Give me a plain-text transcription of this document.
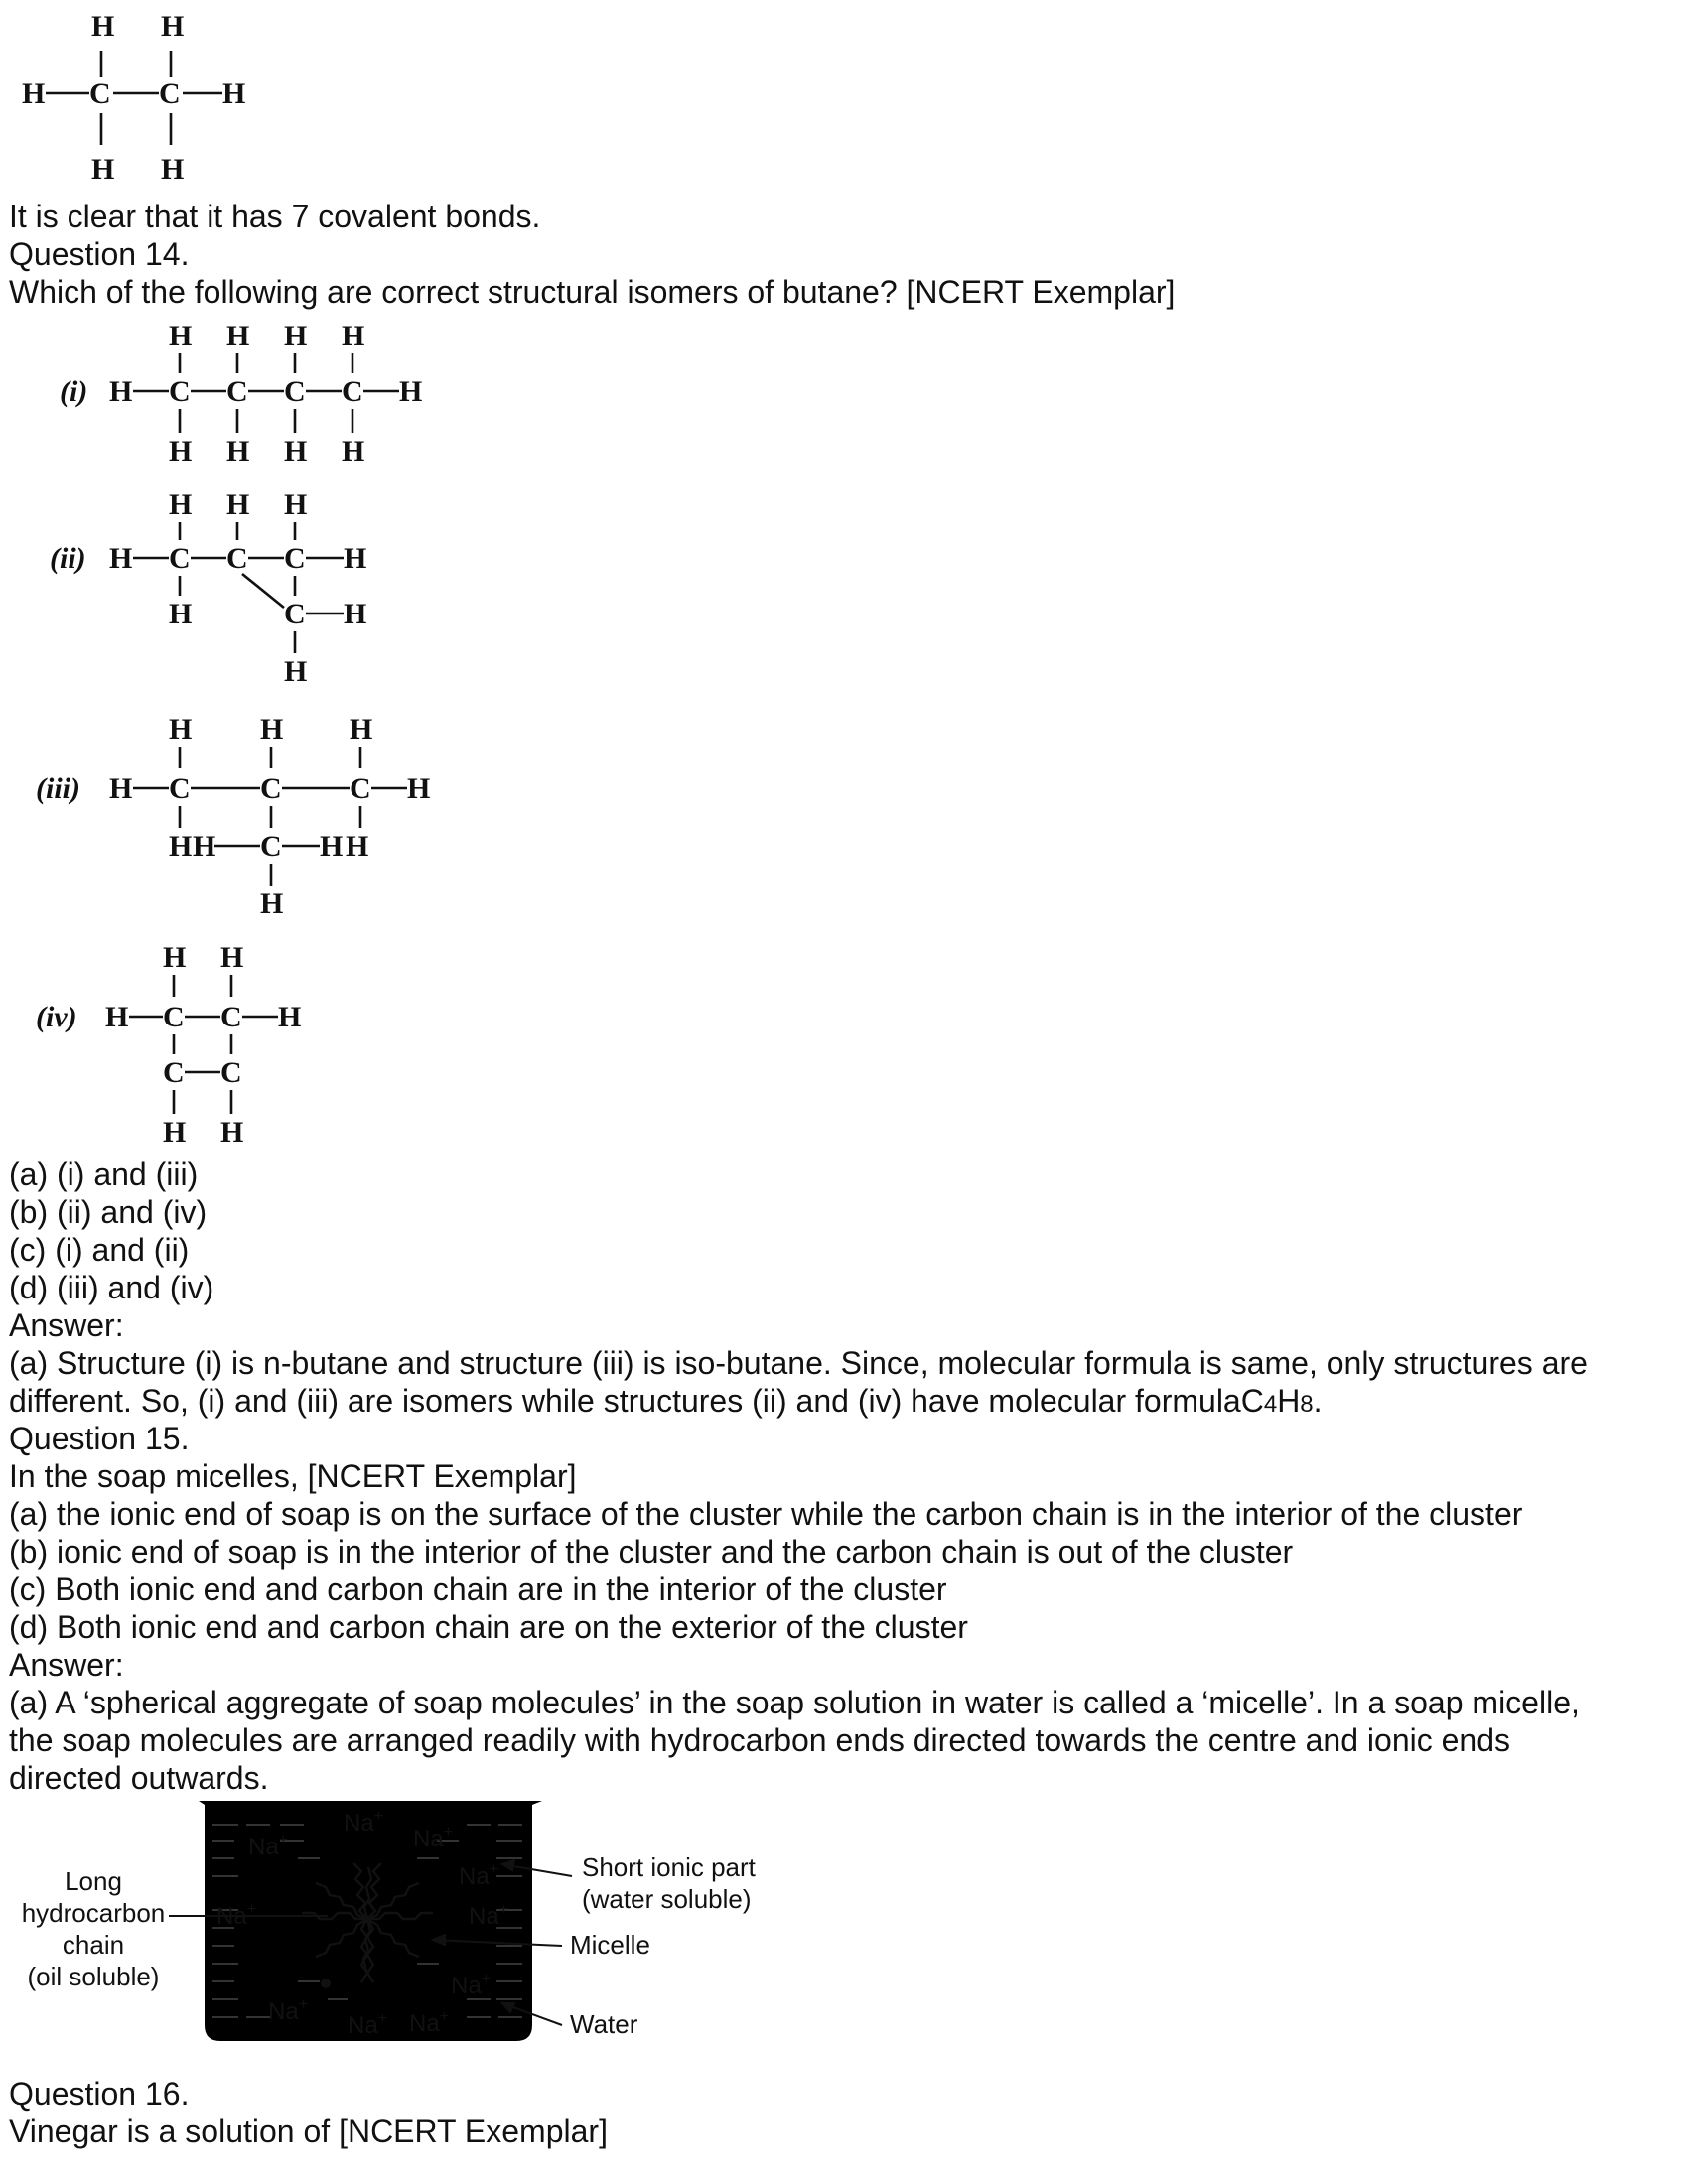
H H
H C C H
H H
It is clear that it has 7 covalent bonds.
Question 14.
Which of the following are correct structural isomers of butane? [NCERT Exemplar]
(i)
H H H H
H C C C C H
H H H H
(ii)
H H H
H C C C H
H	C H
H
(iii)
H H H
H C C C H
H H C H H
H
(iv)
H H
H C C H
C C
H H
(a) (i) and (iii)
(b) (ii) and (iv)
(c) (i) and (ii)
(d) (iii) and (iv)
Answer:
(a) Structure (i) is n-butane and structure (iii) is iso-butane. Since, molecular formula is same, only structures are
different. So, (i) and (iii) are isomers while structures (ii) and (iv) have molecular formulaC4H8.
Question 15.
In the soap micelles, [NCERT Exemplar]
(a) the ionic end of soap is on the surface of the cluster while the carbon chain is in the interior of the cluster
(b) ionic end of soap is in the interior of the cluster and the carbon chain is out of the cluster
(c) Both ionic end and carbon chain are in the interior of the cluster
(d) Both ionic end and carbon chain are on the exterior of the cluster
Answer:
(a) A ‘spherical aggregate of soap molecules’ in the soap solution in water is called a ‘micelle’. In a soap micelle,
the soap molecules are arranged readily with hydrocarbon ends directed towards the centre and ionic ends
directed outwards.
Na+
Na+
Na+
Na+
Na+	Na+
Na+
Na+
Na+ Na+
Long
hydrocarbon
chain
(oil soluble)
Short ionic part
(water soluble)
Micelle
Water
Question 16.
Vinegar is a solution of [NCERT Exemplar]
